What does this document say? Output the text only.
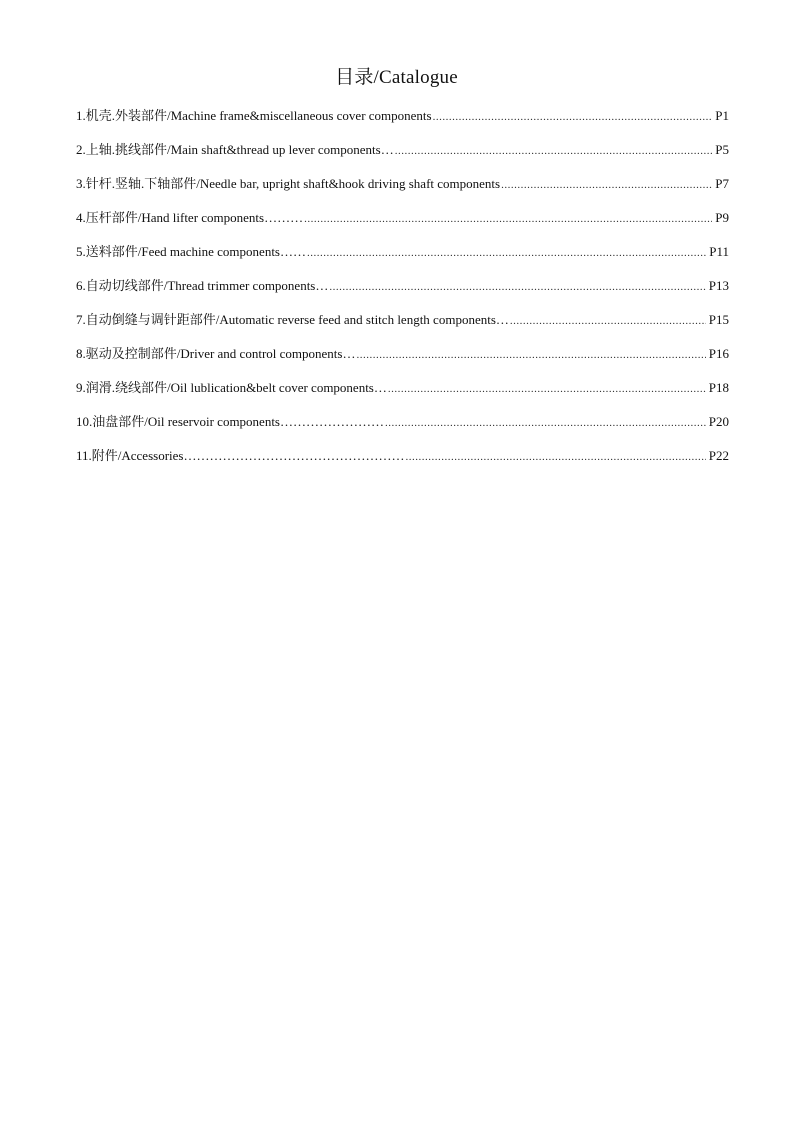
目录/Catalogue
1.机壳.外装部件/Machine frame&miscellaneous cover components .....	P1
2.上轴.挑线部件/Main shaft&thread up lever components… .....	P5
3.针杆.竖轴.下轴部件/Needle bar, upright shaft&hook driving shaft components .....	P7
4.压杆部件/Hand lifter components……… .....	P9
5.送料部件/Feed machine components…… .....	P11
6.自动切线部件/Thread trimmer components… .....	P13
7.自动倒缝与调针距部件/Automatic reverse feed and stitch length components… .....	P15
8.驱动及控制部件/Driver and control components… .....	P16
9.润滑.绕线部件/Oil lublication&belt cover components… .....	P18
10.油盘部件/Oil reservoir components…………………… .....	P20
11.附件/Accessories…………………………………………… .....	P22
